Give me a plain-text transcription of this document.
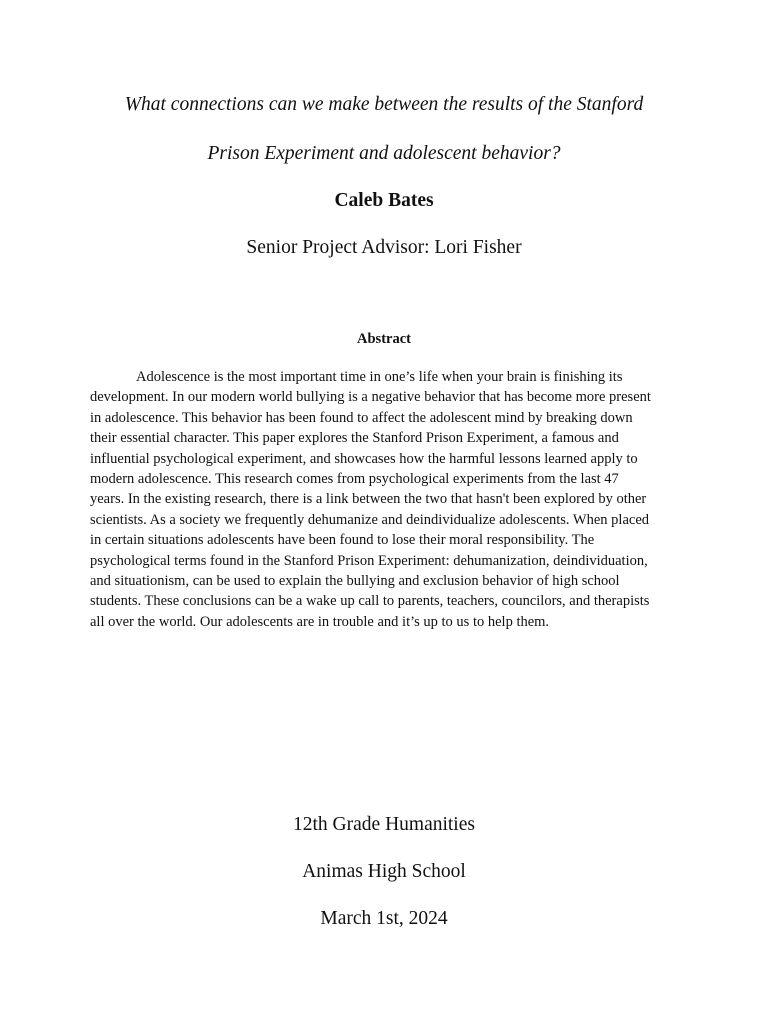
What connections can we make between the results of the Stanford
Prison Experiment and adolescent behavior?
Caleb Bates
Senior Project Advisor: Lori Fisher
Abstract

Adolescence is the most important time in one’s life when your brain is finishing its
development. In our modern world bullying is a negative behavior that has become more present
in adolescence. This behavior has been found to affect the adolescent mind by breaking down
their essential character. This paper explores the Stanford Prison Experiment, a famous and
influential psychological experiment, and showcases how the harmful lessons learned apply to
modern adolescence. This research comes from psychological experiments from the last 47
years. In the existing research, there is a link between the two that hasn't been explored by other
scientists. As a society we frequently dehumanize and deindividualize adolescents. When placed
in certain situations adolescents have been found to lose their moral responsibility. The
psychological terms found in the Stanford Prison Experiment: dehumanization, deindividuation,
and situationism, can be used to explain the bullying and exclusion behavior of high school
students. These conclusions can be a wake up call to parents, teachers, councilors, and therapists
all over the world. Our adolescents are in trouble and it’s up to us to help them.

12th Grade Humanities
Animas High School
March 1st, 2024
